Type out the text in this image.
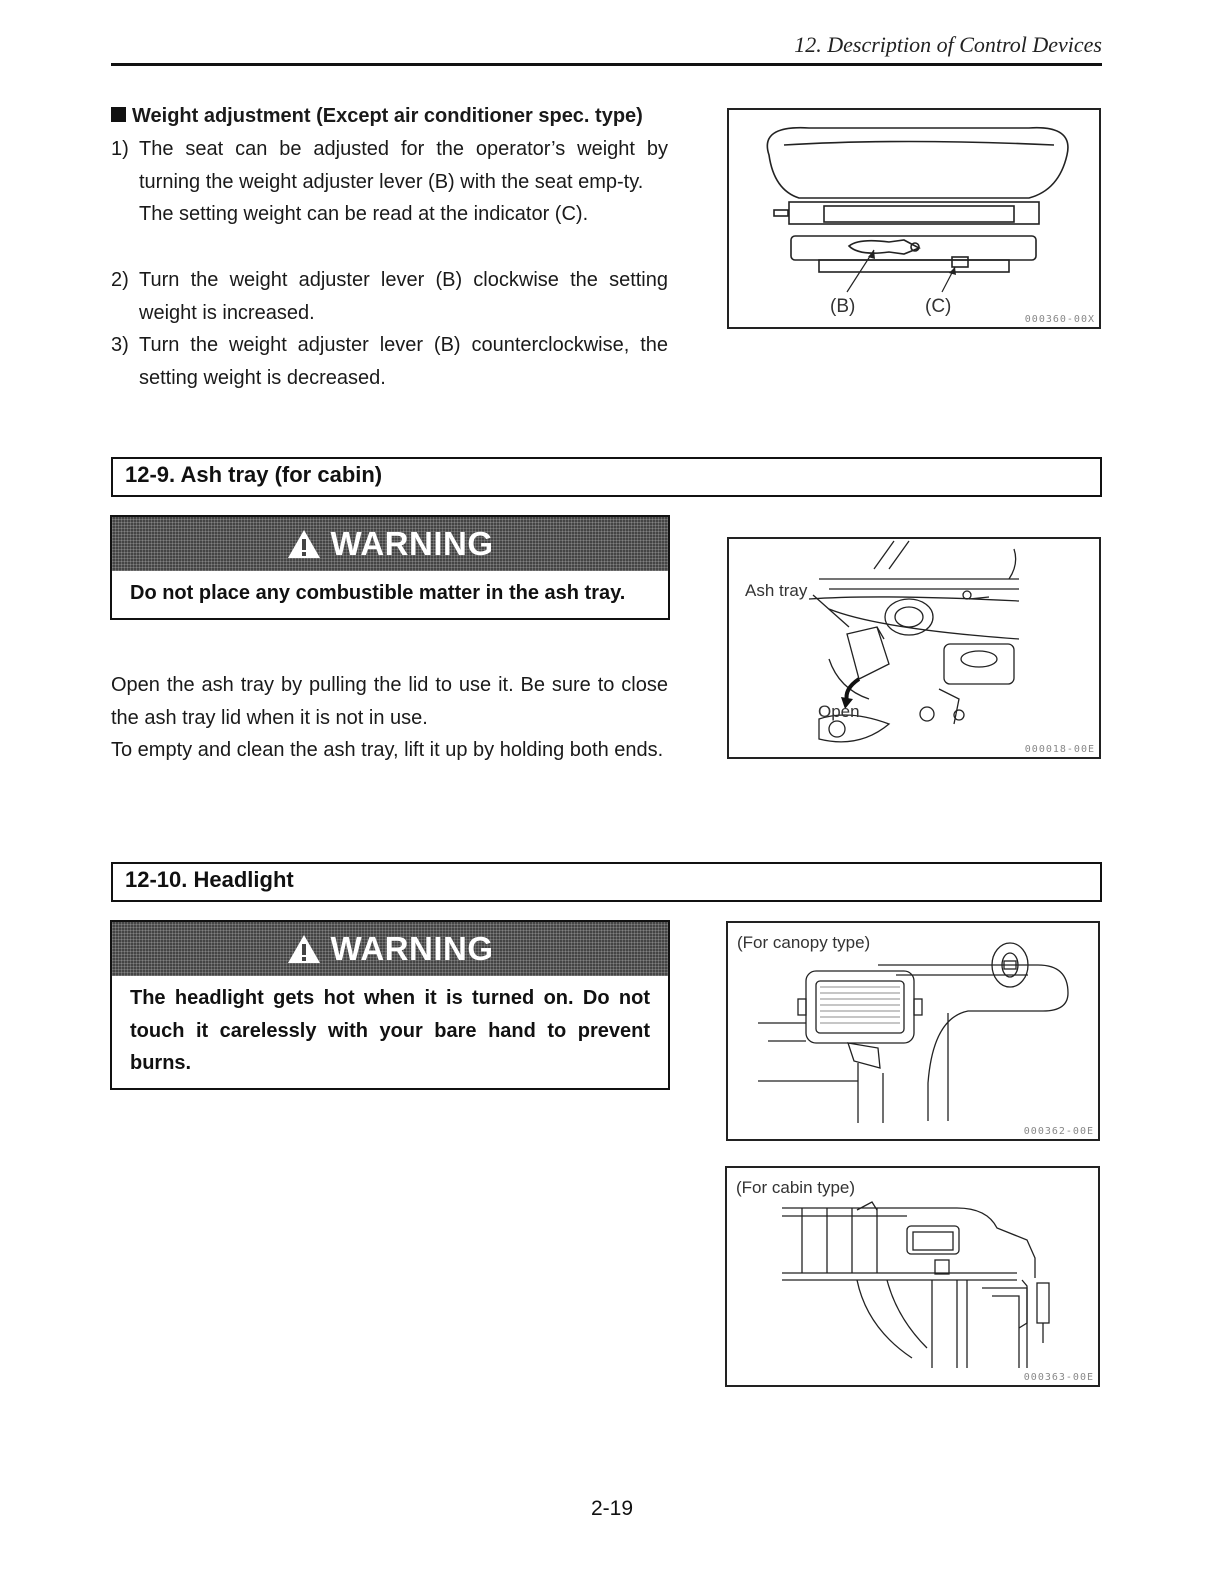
12. Description of Control Devices
Weight adjustment (Except air conditioner spec. type)
1) The seat can be adjusted for the operator’s weight by turning the weight adjuster lever (B) with the seat emp-ty.
The setting weight can be read at the indicator (C).
2) Turn the weight adjuster lever (B) clockwise the setting weight is increased.
3) Turn the weight adjuster lever (B) counterclockwise, the setting weight is decreased.
(B)	(C)
000360-00X
12-9. Ash tray (for cabin)
WARNING
Do not place any combustible matter in the ash tray.
Open the ash tray by pulling the lid to use it. Be sure to close the ash tray lid when it is not in use.
To empty and clean the ash tray, lift it up by holding both ends.
Ash tray
Open
000018-00E
12-10. Headlight
WARNING
The headlight gets hot when it is turned on. Do not touch it carelessly with your bare hand to prevent burns.
(For canopy type)
000362-00E
(For cabin type)
000363-00E
2-19
